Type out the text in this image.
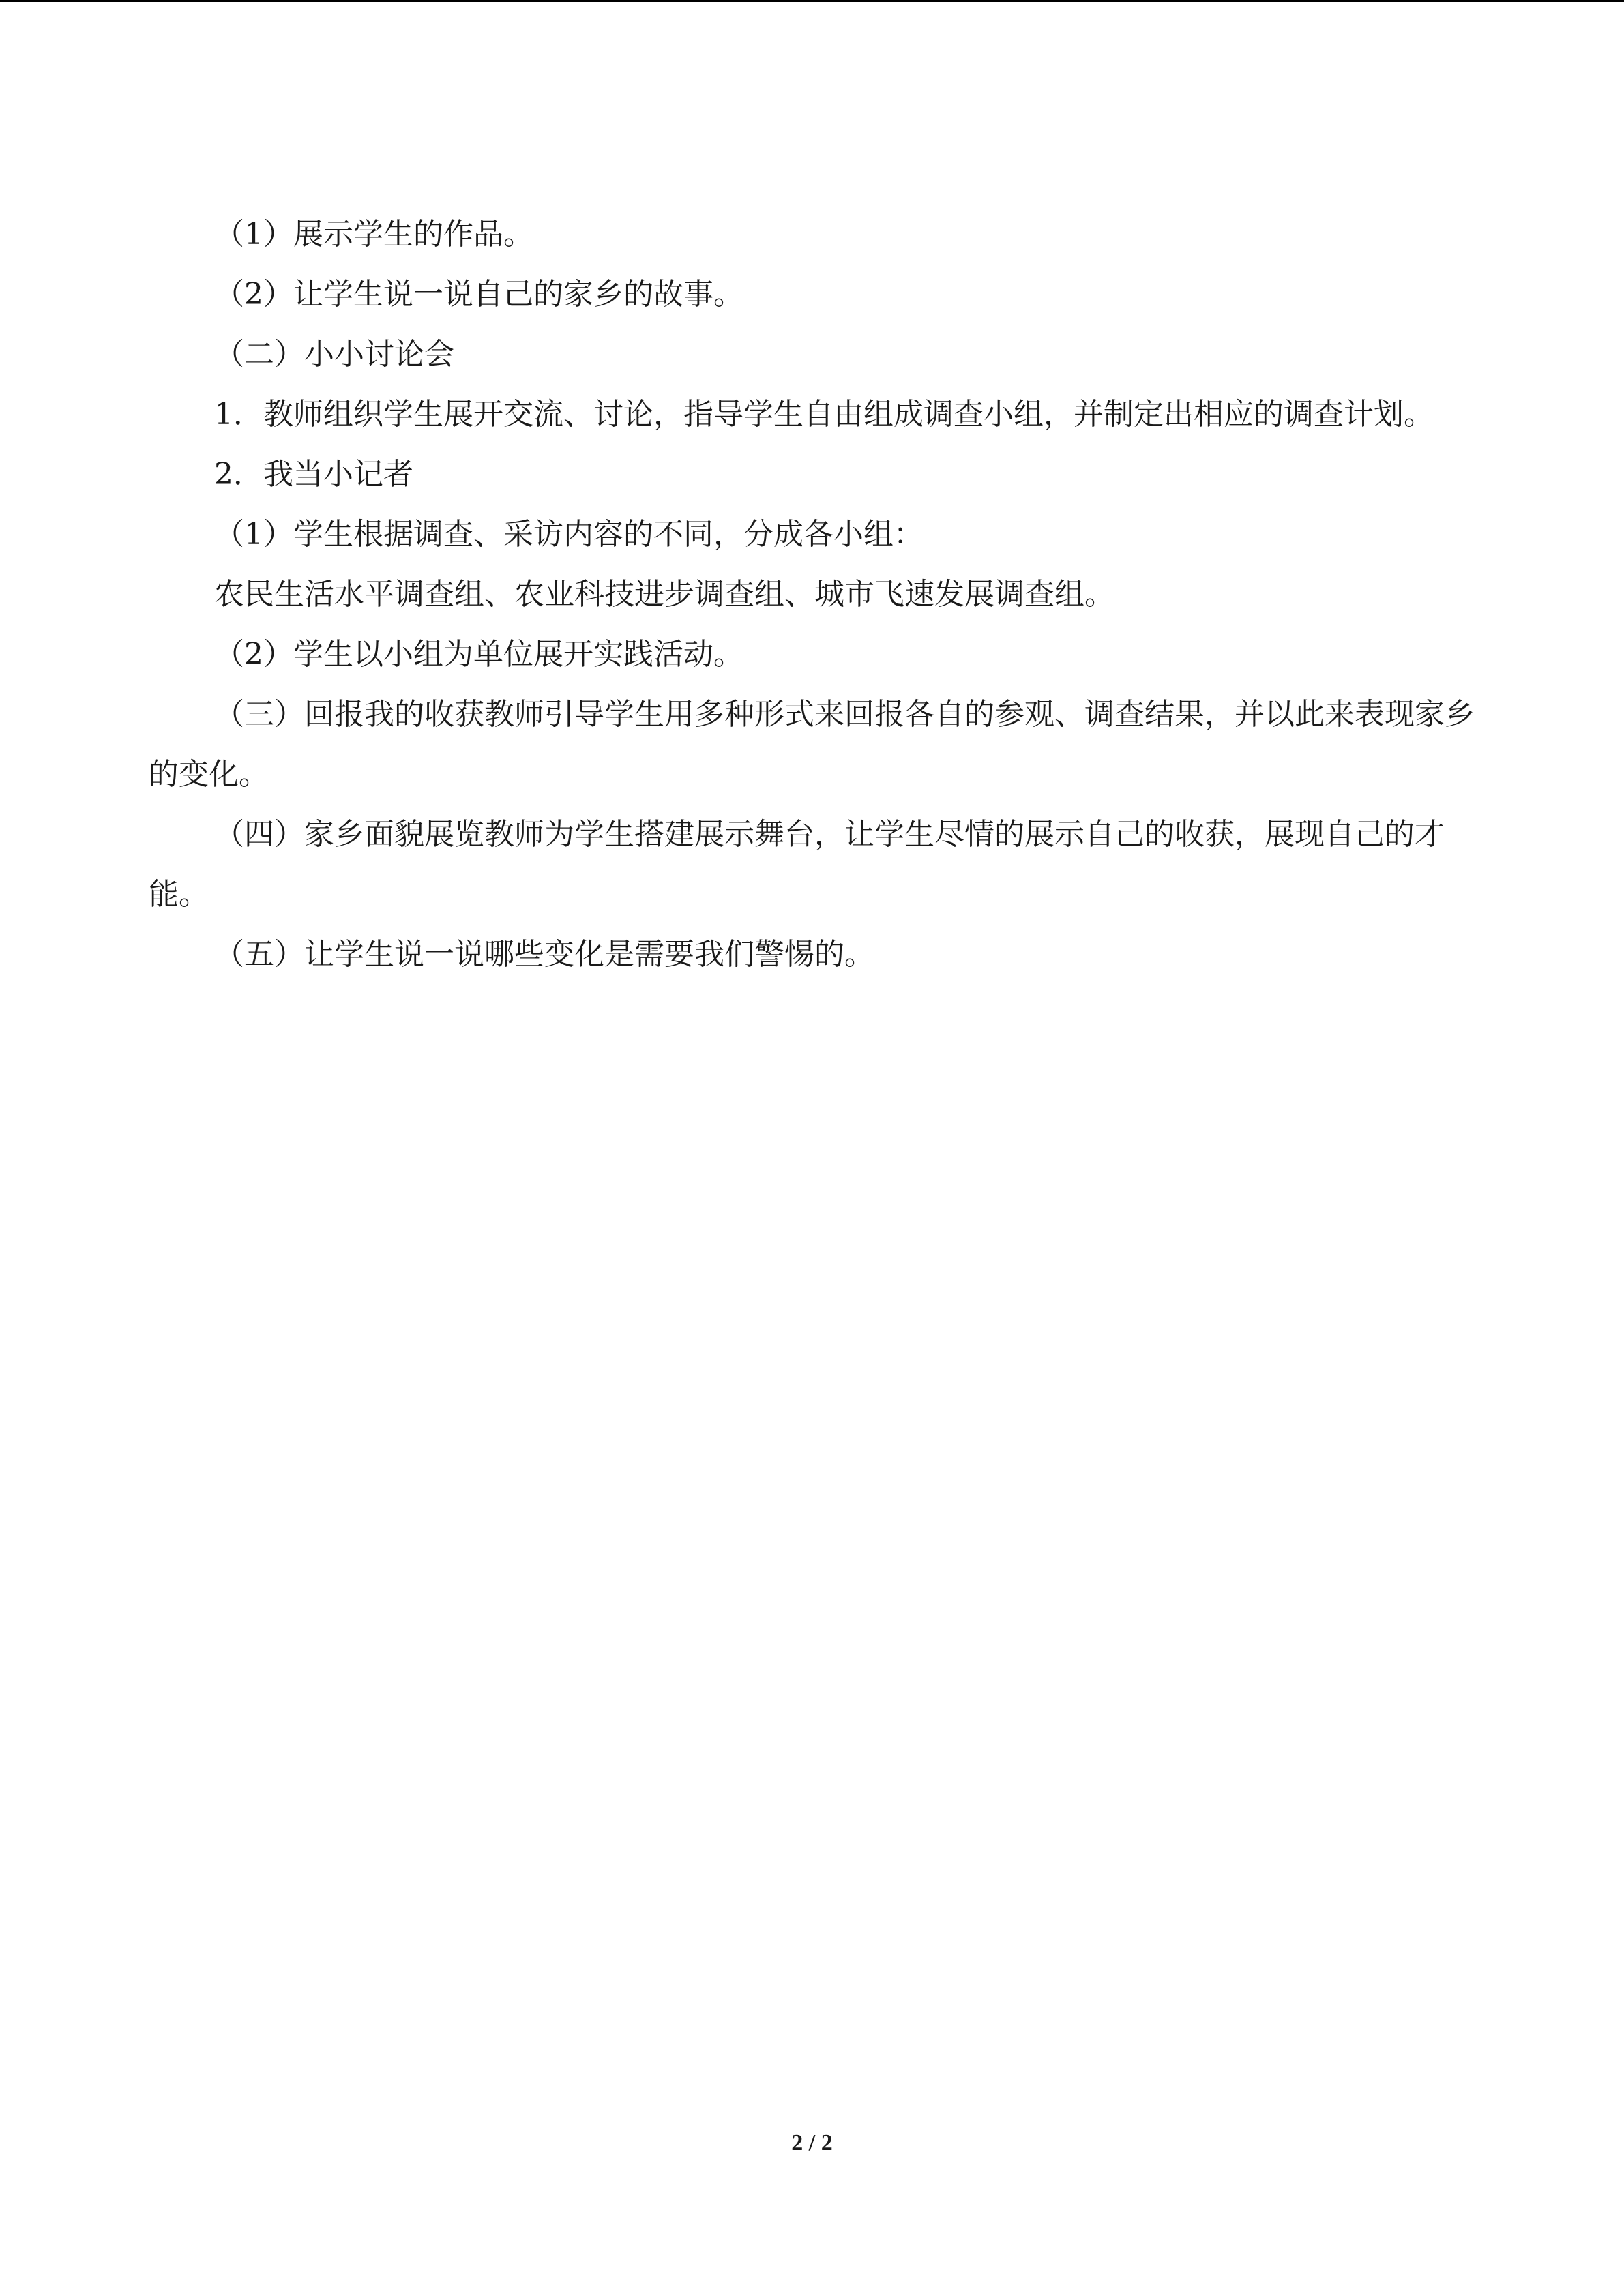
（1）展示学生的作品。

（2）让学生说一说自己的家乡的故事。

（二）小小讨论会

1．教师组织学生展开交流、讨论，指导学生自由组成调查小组，并制定出相应的调查计划。

2．我当小记者

（1）学生根据调查、采访内容的不同，分成各小组：

农民生活水平调查组、农业科技进步调查组、城市飞速发展调查组。

（2）学生以小组为单位展开实践活动。

（三）回报我的收获教师引导学生用多种形式来回报各自的参观、调查结果，并以此来表现家乡的变化。

（四）家乡面貌展览教师为学生搭建展示舞台，让学生尽情的展示自己的收获，展现自己的才能。

（五）让学生说一说哪些变化是需要我们警惕的。

2 / 2
